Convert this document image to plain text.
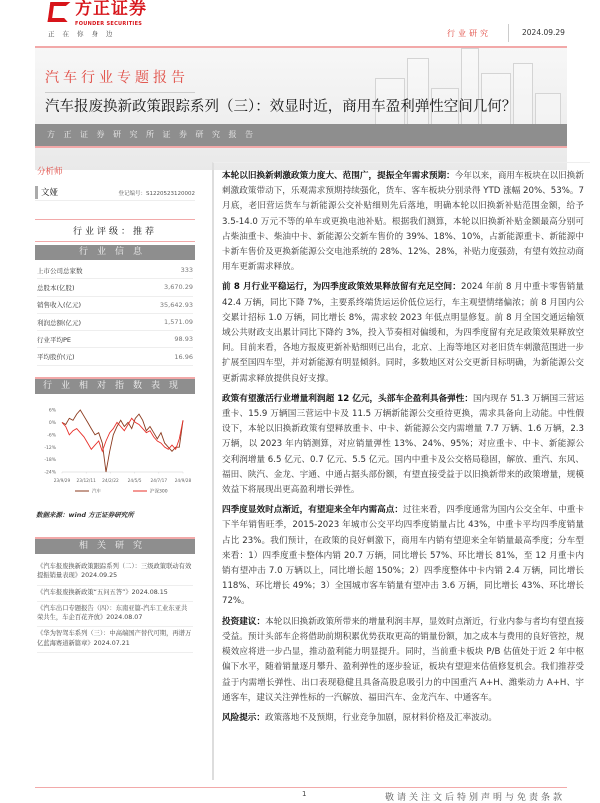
方正证券
FOUNDER SECURITIES
正在你身边	行业研究	2024.09.29
汽车行业专题报告
汽车报废换新政策跟踪系列（三）：效显时近，商用车盈利弹性空间几何？
方正证券研究所证券研究报告
分析师
文娅	登记编号：S1220523120002
行业评级：推荐
行业信息
上市公司总家数	333
总股本(亿股)	3,670.29
销售收入(亿元)	35,642.93
利润总额(亿元)	1,571.09
行业平均PE	98.93
平均股价(元)	16.96
行业相对指数表现
6%
0%
-6%
-12%
-18%
-24%
23/9/29 23/12/11 24/2/22 24/5/5 24/7/17 24/9/28
汽车	沪深300
数据来源：wind 方正证券研究所
相关研究
《汽车报废换新政策跟踪系列（二）：三级政策联动有效提振销量表现》2024.09.25
《汽车报废换新政策“五问五答”》2024.08.15
《汽车出口专题报告（四）：东南亚篇-汽车工业东亚共荣共生，车企百花齐放》2024.08.07
《华为智驾车系列（三）：中高端国产替代可期，再谱万亿蓝海赛道新篇章》2024.07.21

本轮以旧换新刺激政策力度大、范围广，提振全年需求预期：今年以来，商用车板块在以旧换新刺激政策带动下，乐观需求预期持续强化，货车、客车板块分别录得 YTD 涨幅 20%、53%。7 月底，老旧营运货车与新能源公交补贴细则先后落地，明确本轮以旧换新补贴范围金额，给予 3.5-14.0 万元不等的单车或更换电池补贴。根据我们测算，本轮以旧换新补贴金额最高分别可占柴油重卡、柴油中卡、新能源公交新车售价的 39%、18%、10%，占新能源重卡、新能源中卡新车售价及更换新能源公交电池系统的 28%、12%、28%，补贴力度强劲，有望有效拉动商用车更新需求释放。

前 8 月行业平稳运行，为四季度政策效果释放留有充足空间：2024 年前 8 月中重卡零售销量 42.4 万辆，同比下降 7%，主要系终端货运运价低位运行，车主观望情绪偏浓；前 8 月国内公交累计招标 1.0 万辆，同比增长 8%，需求较 2023 年低点明显修复。前 8 月全国交通运输领域公共财政支出累计同比下降约 3%，投入节奏相对偏缓和，为四季度留有充足政策效果释放空间。目前来看，各地方报废更新补贴细则已出台，北京、上海等地区对老旧货车刺激范围进一步扩展至国四车型，并对新能源有明显倾斜。同时，多数地区对公交更新目标明确，为新能源公交更新需求释放提供良好支撑。

政策有望激活行业增量利润超 12 亿元，头部车企盈利具备弹性：国内现存 51.3 万辆国三营运重卡、15.9 万辆国三营运中卡及 11.5 万辆新能源公交亟待更换，需求具备向上动能。中性假设下，本轮以旧换新政策有望释放重卡、中卡、新能源公交内需增量 7.7 万辆、1.6 万辆，2.3 万辆，以 2023 年内销测算，对应销量弹性 13%、24%、95%；对应重卡、中卡、新能源公交利润增量 6.5 亿元、0.7 亿元、5.5 亿元。国内中重卡及公交格局稳固，解放、重汽、东风、福田、陕汽、金龙、宇通、中通占据头部份额，有望直接受益于以旧换新带来的政策增量，规模效益下将展现出更高盈利增长弹性。

四季度显效时点渐近，有望迎来全年内需高点：过往来看，四季度通常为国内公交全年、中重卡下半年销售旺季，2015-2023 年城市公交平均四季度销量占比 43%，中重卡平均四季度销量占比 23%。我们预计，在政策的良好刺激下，商用车内销有望迎来全年销量最高季度；分车型来看：1）四季度重卡整体内销 20.7 万辆，同比增长 57%、环比增长 81%，至 12 月重卡内销有望冲击 7.0 万辆以上，同比增长超 150%；2）四季度整体中卡内销 2.4 万辆，同比增长 118%、环比增长 49%；3）全国城市客车销量有望冲击 3.6 万辆，同比增长 43%、环比增长 72%。

投资建议：本轮以旧换新政策所带来的增量利润丰厚，显效时点渐近，行业内参与者均有望直接受益。预计头部车企将借助前期积累优势获取更高的销量份额，加之成本与费用的良好管控，规模效应将进一步凸显，推动盈利能力明显提升。同时，当前重卡板块 P/B 估值处于近 2 年中枢偏下水平，随着销量逐月攀升、盈利弹性的逐步验证，板块有望迎来估值修复机会。我们推荐受益于内需增长弹性、出口表现稳健且具备高股息吸引力的中国重汽 A+H、潍柴动力 A+H、宇通客车，建议关注弹性标的一汽解放、福田汽车、金龙汽车、中通客车。

风险提示：政策落地不及预期，行业竞争加剧，原材料价格及汇率波动。

1	敬请关注文后特别声明与免责条款
